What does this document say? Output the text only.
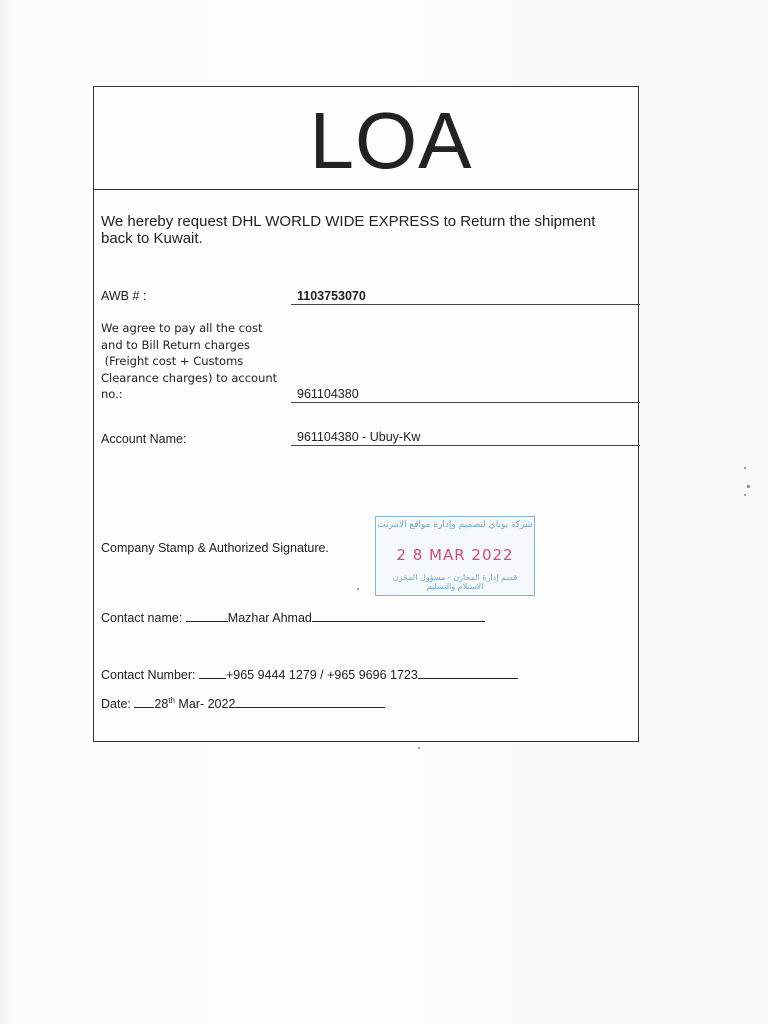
LOA
We hereby request DHL WORLD WIDE EXPRESS to Return the shipment back to Kuwait.
AWB # :	1103753070
We agree to pay all the cost
and to Bill Return charges
(Freight cost + Customs
Clearance charges) to account
no.:	961104380
Account Name:	961104380 - Ubuy-Kw
Company Stamp & Authorized Signature.
شركة يوباي لتصميم وإدارة مواقع الانترنت
2 8 MAR 2022
قسم إدارة المخازن - مسؤول المخزن
الاستلام والتسليم
Contact name:	Mazhar Ahmad
Contact Number: +965 9444 1279 / +965 9696 1723
Date: 28th Mar- 2022
